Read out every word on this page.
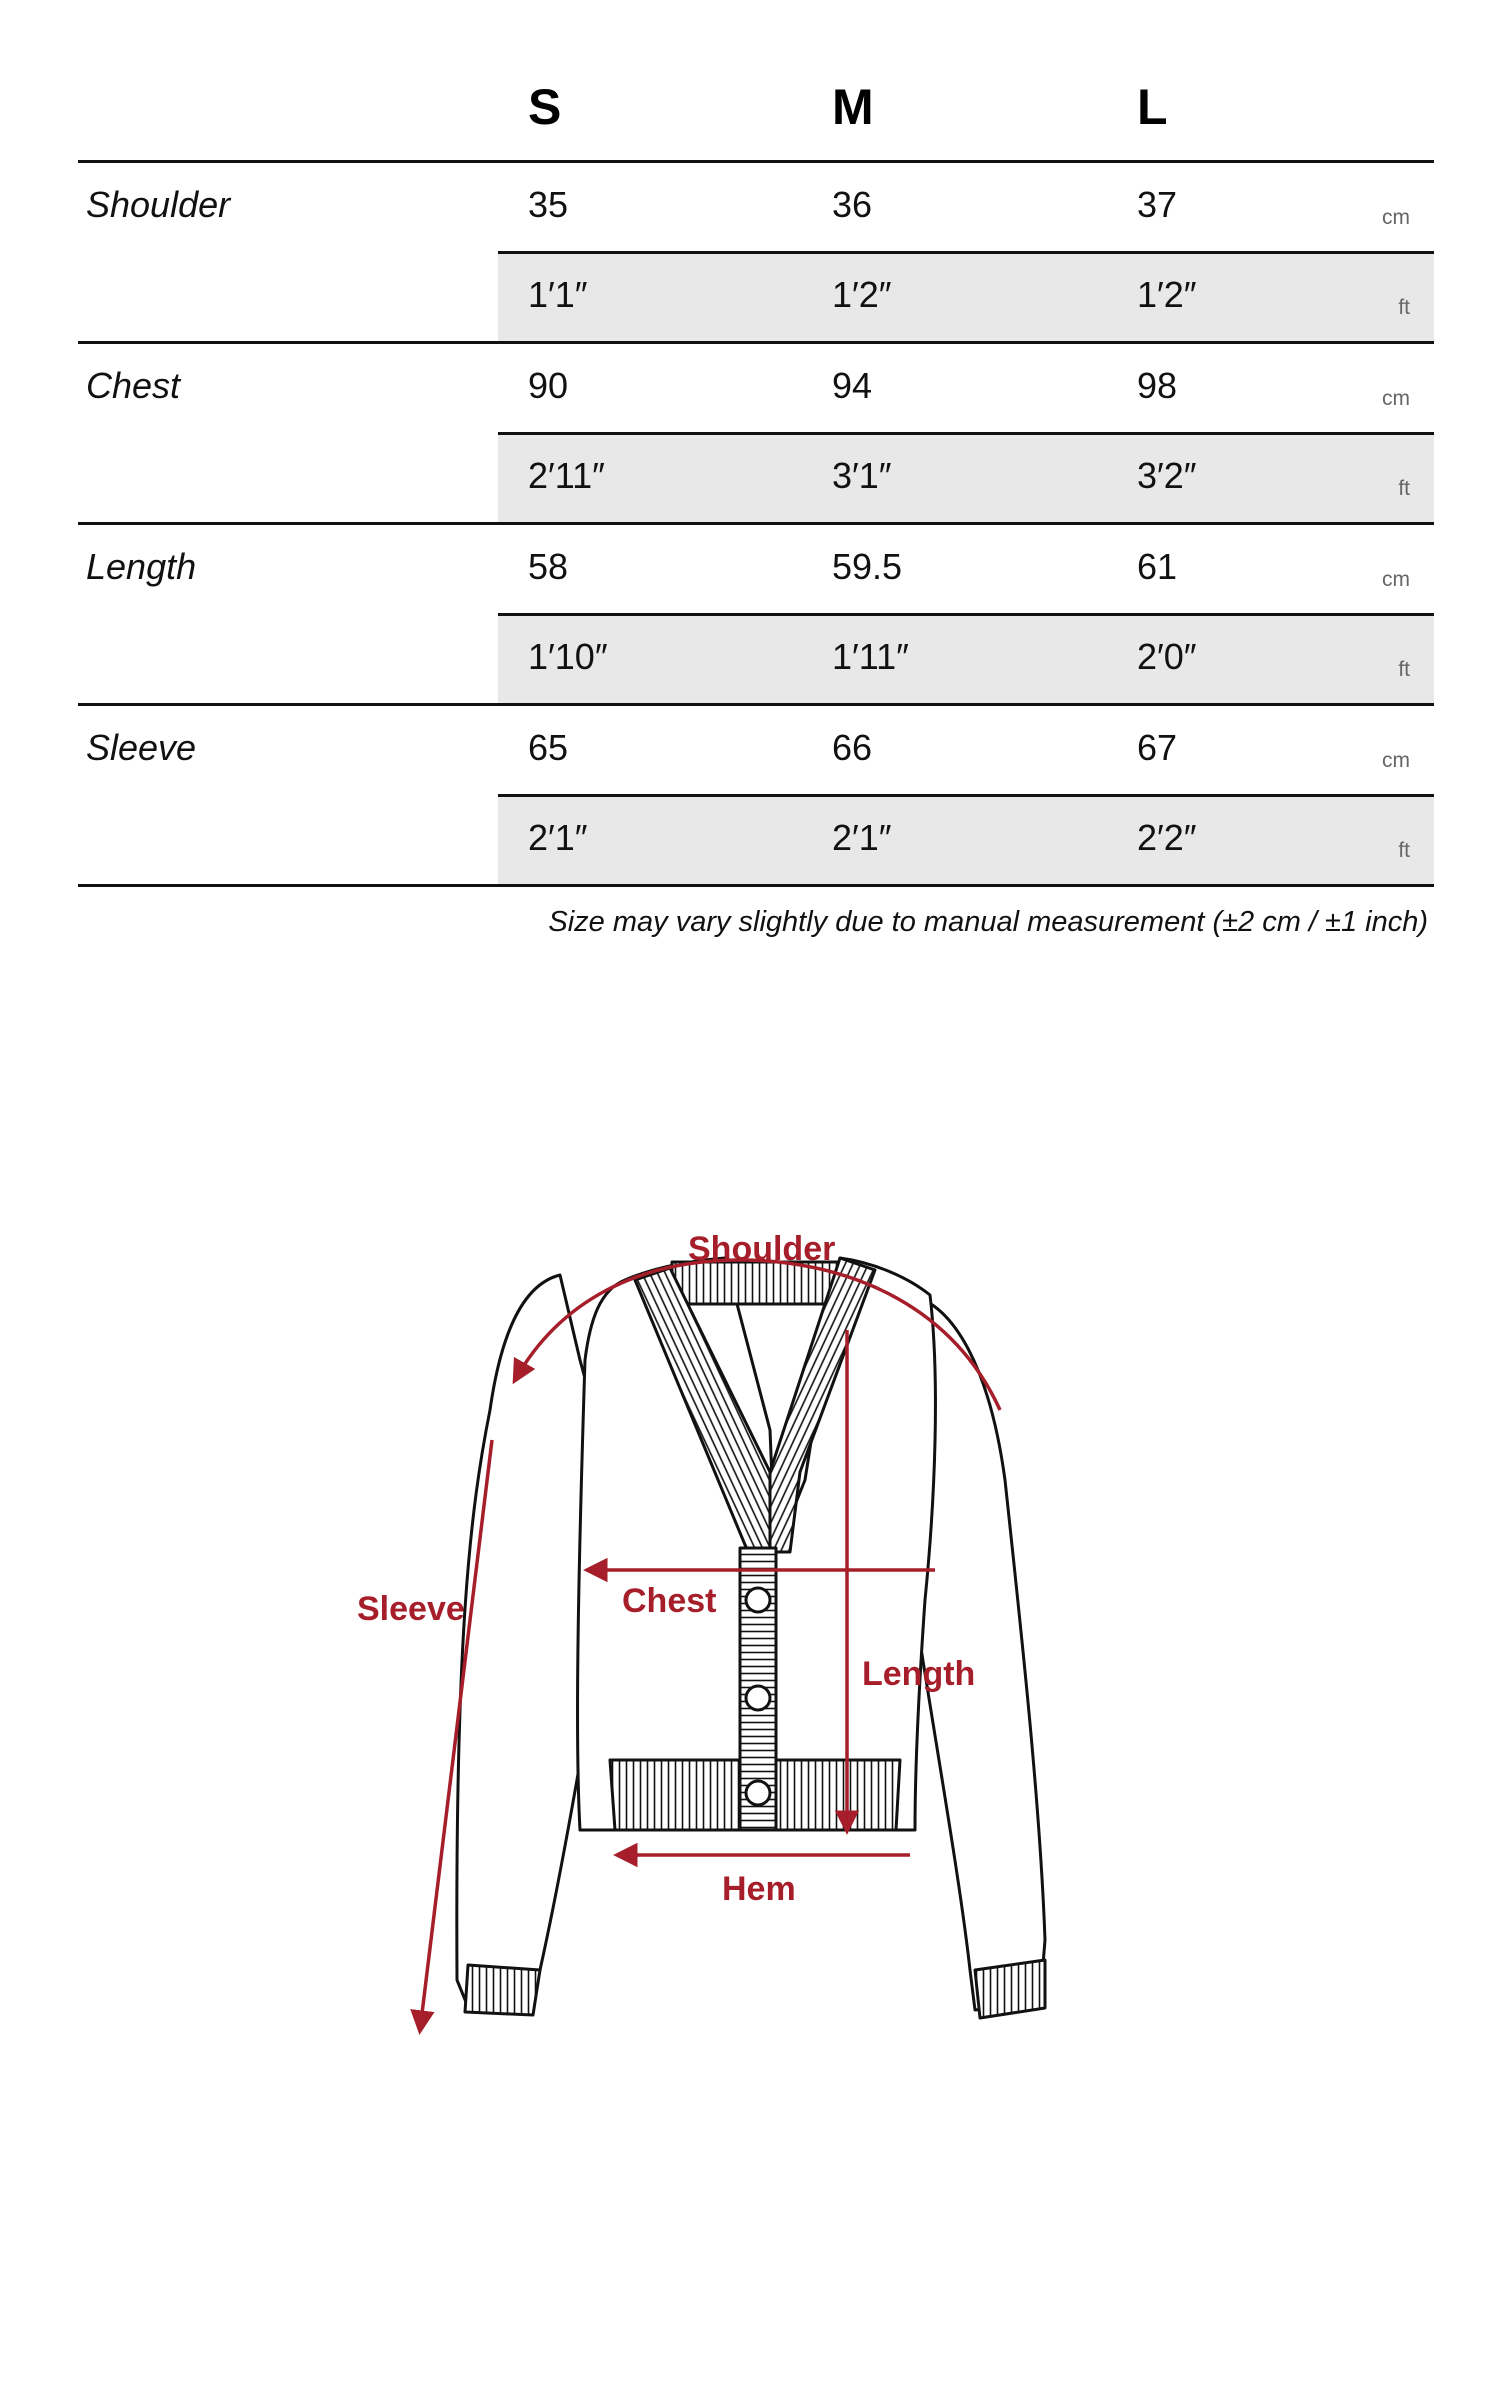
S	M	L
Shoulder	35	36	37	cm
1′1″	1′2″	1′2″	ft
Chest	90	94	98	cm
2′11″	3′1″	3′2″	ft
Length	58	59.5	61	cm
1′10″	1′11″	2′0″	ft
Sleeve	65	66	67	cm
2′1″	2′1″	2′2″	ft
Size may vary slightly due to manual measurement (±2 cm / ±1 inch)
Shoulder
Chest
Sleeve
Length
Hem
